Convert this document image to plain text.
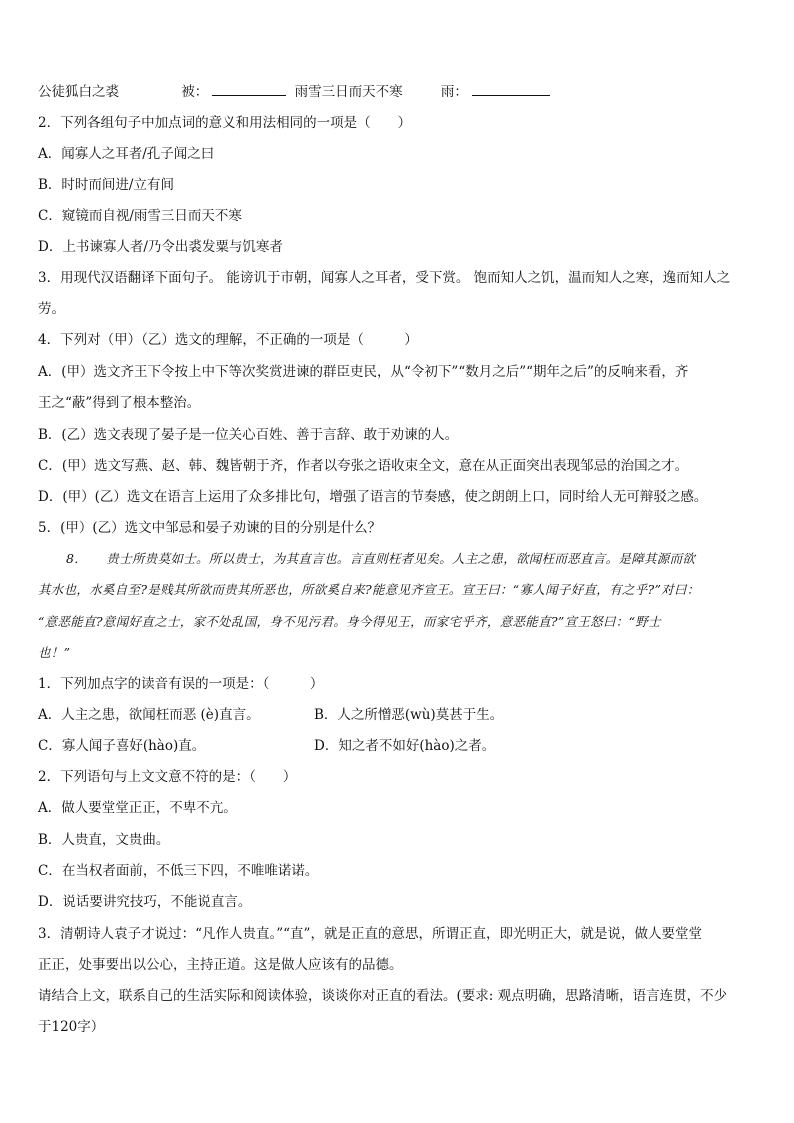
公徒狐白之裘	被：	雨雪三日而天不寒	雨：
2．下列各组句子中加点词的意义和用法相同的一项是（　　）
A．闻寡人之耳者/孔子闻之曰
B．时时而间进/立有间
C．窥镜而自视/雨雪三日而天不寒
D．上书谏寡人者/乃令出裘发粟与饥寒者
3．用现代汉语翻译下面句子。 能谤讥于市朝，闻寡人之耳者，受下赏。 饱而知人之饥，温而知人之寒，逸而知人之
劳。
4．下列对（甲）（乙）选文的理解，不正确的一项是（　　　）
A．(甲）选文齐王下令按上中下等次奖赏进谏的群臣吏民，从“令初下”“数月之后”“期年之后”的反响来看，齐
王之“蔽”得到了根本整治。
B．(乙）选文表现了晏子是一位关心百姓、善于言辞、敢于劝谏的人。
C．(甲）选文写燕、赵、韩、魏皆朝于齐，作者以夸张之语收束全文，意在从正面突出表现邹忌的治国之才。
D．(甲）(乙）选文在语言上运用了众多排比句，增强了语言的节奏感，使之朗朗上口，同时给人无可辩驳之感。
5．(甲）(乙）选文中邹忌和晏子劝谏的目的分别是什么？
8．　　贵士所贵莫如士。所以贵士，为其直言也。言直则枉者见矣。人主之患，欲闻枉而恶直言。是障其源而欲
其水也，水奚自至?是贱其所欲而贵其所恶也，所欲奚自来?能意见齐宣王。宣王曰：“寡人闻子好直，有之乎?”对曰：
“意恶能直?意闻好直之士，家不处乱国，身不见污君。身今得见王，而家宅乎齐，意恶能直?”宣王怒曰：“野士
也！”
1．下列加点字的读音有误的一项是：（　　　）
A．人主之患，欲闻枉而恶 (è)直言。	B．人之所憎恶(wù)莫甚于生。
C．寡人闻子喜好(hào)直。	D．知之者不如好(hào)之者。
2．下列语句与上文文意不符的是：（　　）
A．做人要堂堂正正，不卑不亢。
B．人贵直，文贵曲。
C．在当权者面前，不低三下四，不唯唯诺诺。
D．说话要讲究技巧，不能说直言。
3．清朝诗人袁子才说过：“凡作人贵直。”“直”，就是正直的意思，所谓正直，即光明正大，就是说，做人要堂堂
正正，处事要出以公心，主持正道。这是做人应该有的品德。
请结合上文，联系自己的生活实际和阅读体验，谈谈你对正直的看法。(要求: 观点明确，思路清晰，语言连贯，不少
于120字）
